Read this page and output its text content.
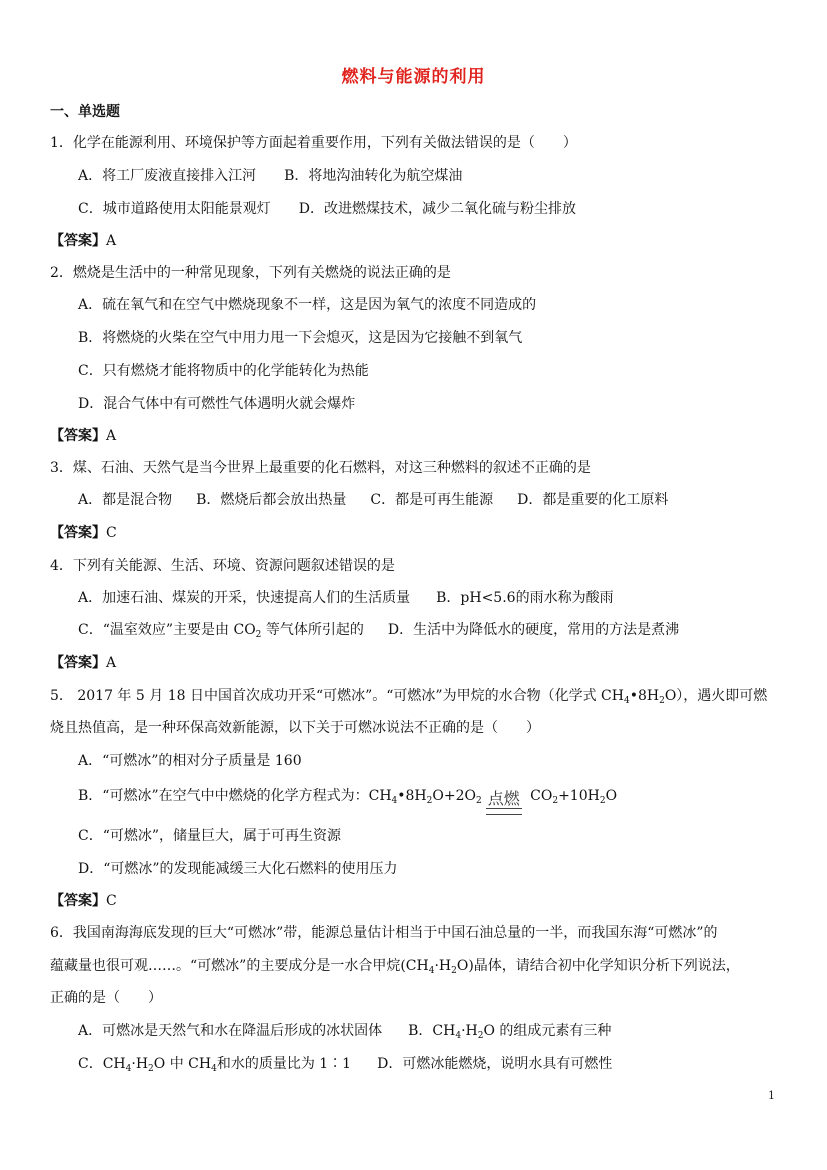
燃料与能源的利用
一、单选题
1．化学在能源利用、环境保护等方面起着重要作用，下列有关做法错误的是（　　）
A．将工厂废液直接排入江河 B．将地沟油转化为航空煤油
C．城市道路使用太阳能景观灯 D．改进燃煤技术，减少二氧化硫与粉尘排放
【答案】A
2．燃烧是生活中的一种常见现象，下列有关燃烧的说法正确的是
A．硫在氧气和在空气中燃烧现象不一样，这是因为氧气的浓度不同造成的
B．将燃烧的火柴在空气中用力甩一下会熄灭，这是因为它接触不到氧气
C．只有燃烧才能将物质中的化学能转化为热能
D．混合气体中有可燃性气体遇明火就会爆炸
【答案】A
3．煤、石油、天然气是当今世界上最重要的化石燃料，对这三种燃料的叙述不正确的是
A．都是混合物 B．燃烧后都会放出热量 C．都是可再生能源 D．都是重要的化工原料
【答案】C
4．下列有关能源、生活、环境、资源问题叙述错误的是
A．加速石油、煤炭的开采，快速提高人们的生活质量 B．pH<5.6的雨水称为酸雨
C．“温室效应”主要是由 $CO_2$ 等气体所引起的 D．生活中为降低水的硬度，常用的方法是煮沸
【答案】A
5． 2017 年 5 月 18 日中国首次成功开采“可燃冰”。“可燃冰”为甲烷的水合物（化学式 $CH_4•8H_2O$），遇火即可燃
烧且热值高，是一种环保高效新能源，以下关于可燃冰说法不正确的是（　　）
A．“可燃冰”的相对分子质量是 160
B．“可燃冰”在空气中中燃烧的化学方程式为：$CH_4•8H_2O+2O_2$ 点燃 $CO_2+10H_2O$
C．“可燃冰”，储量巨大，属于可再生资源
D．“可燃冰”的发现能减缓三大化石燃料的使用压力
【答案】C
6．我国南海海底发现的巨大“可燃冰”带，能源总量估计相当于中国石油总量的一半，而我国东海“可燃冰”的
蕴藏量也很可观……。“可燃冰”的主要成分是一水合甲烷$(CH_4\cdot H_2O)$晶体，请结合初中化学知识分析下列说法，
正确的是（　　）
A．可燃冰是天然气和水在降温后形成的冰状固体 B．$CH_4\cdot H_2O$ 的组成元素有三种
C．$CH_4\cdot H_2O$ 中 $CH_4$和水的质量比为 1∶1 D．可燃冰能燃烧，说明水具有可燃性
1
